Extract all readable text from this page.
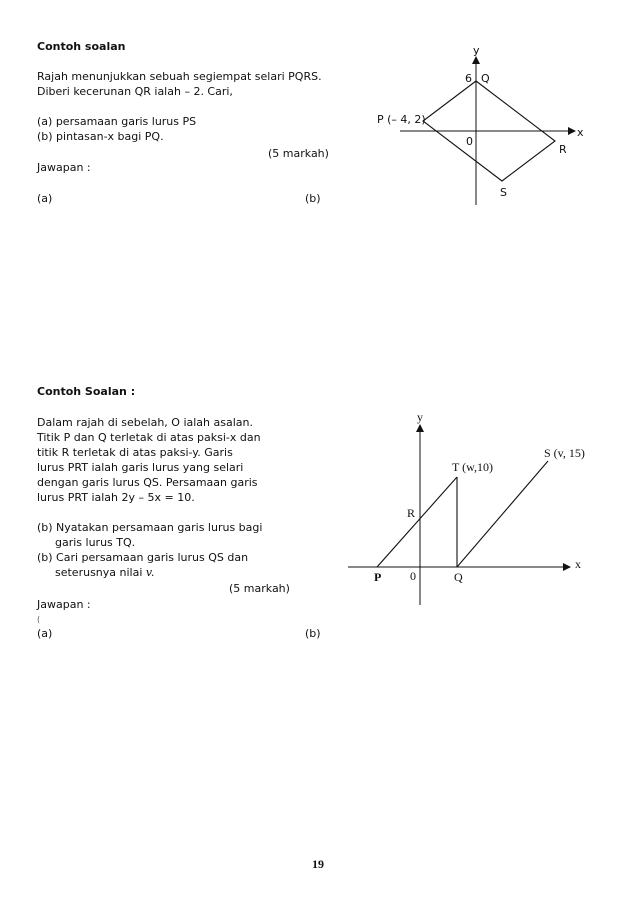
Contoh soalan
Rajah menunjukkan sebuah segiempat selari PQRS.
Diberi kecerunan QR ialah – 2. Cari,
(a) persamaan garis lurus PS
(b) pintasan-x bagi PQ.
(5 markah)
Jawapan :
(a)	(b)
y
x
6 Q
P (– 4, 2)
0
R
S
Contoh Soalan :
Dalam rajah di sebelah, O ialah asalan.
Titik P dan Q terletak di atas paksi-x dan
titik R terletak di atas paksi-y. Garis
lurus PRT ialah garis lurus yang selari
dengan garis lurus QS. Persamaan garis
lurus PRT ialah 2y – 5x = 10.
(b) Nyatakan persamaan garis lurus bagi
garis lurus TQ.
(b) Cari persamaan garis lurus QS dan
seterusnya nilai v.
(5 markah)
Jawapan :
(
(a)	(b)
y
x
T (w,10)
S (v, 15)
R
P 0	Q
19
